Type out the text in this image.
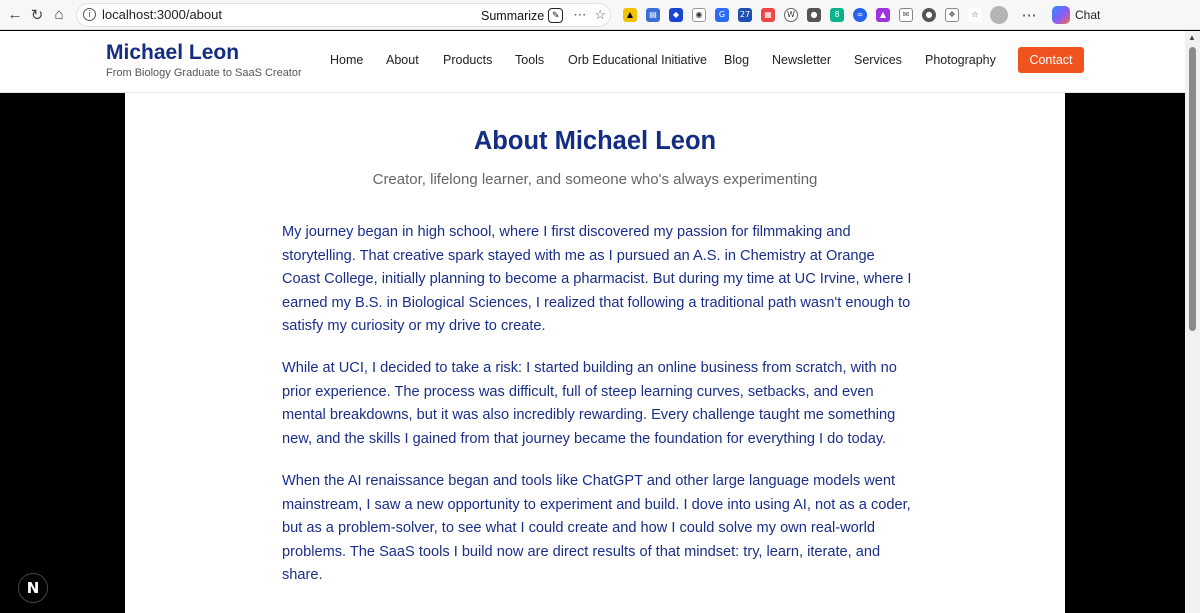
← ↻ ⌂	i localhost:3000/about	Summarize ✎ ⋯ ☆	▲	▤	◆	◉	G	27	▦	W	●	8	∞	▲	✉	●	❖	☆	⋯	Chat
Michael Leon
From Biology Graduate to SaaS Creator
Home About Products Tools Orb Educational Initiative Blog Newsletter Services Photography	Contact
About Michael Leon

Creator, lifelong learner, and someone who's always experimenting

My journey began in high school, where I first discovered my passion for filmmaking and storytelling. That creative spark stayed with me as I pursued an A.S. in Chemistry at Orange Coast College, initially planning to become a pharmacist. But during my time at UC Irvine, where I earned my B.S. in Biological Sciences, I realized that following a traditional path wasn't enough to satisfy my curiosity or my drive to create.

While at UCI, I decided to take a risk: I started building an online business from scratch, with no prior experience. The process was difficult, full of steep learning curves, setbacks, and even mental breakdowns, but it was also incredibly rewarding. Every challenge taught me something new, and the skills I gained from that journey became the foundation for everything I do today.

When the AI renaissance began and tools like ChatGPT and other large language models went mainstream, I saw a new opportunity to experiment and build. I dove into using AI, not as a coder, but as a problem-solver, to see what I could create and how I could solve my own real-world problems. The SaaS tools I build now are direct results of that mindset: try, learn, iterate, and share.

▲
N
